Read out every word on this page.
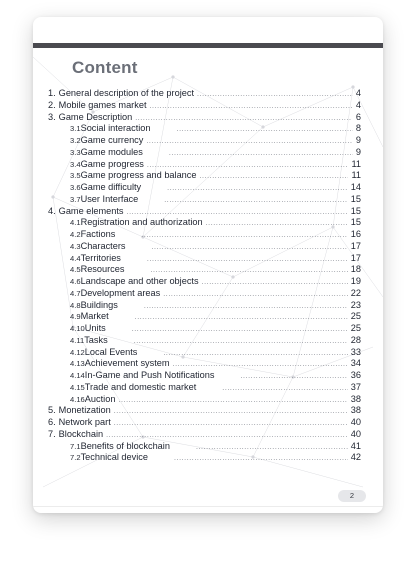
Content
1. General description of the project .....	4
2. Mobile games market .....	4
3. Game Description .....	6
3.1 Social interaction .....	8
3.2 Game currency .....	9
3.3 Game modules .....	9
3.4 Game progress .....	11
3.5 Game progress and balance .....	11
3.6 Game difficulty .....	14
3.7 User Interface .....	15
4. Game elements .....	15
4.1 Registration and authorization .....	15
4.2 Factions .....	16
4.3 Characters .....	17
4.4 Territories .....	17
4.5 Resources .....	18
4.6 Landscape and other objects .....	19
4.7 Development areas .....	22
4.8 Buildings .....	23
4.9 Market .....	25
4.10 Units .....	25
4.11 Tasks .....	28
4.12 Local Events .....	33
4.13 Achievement system .....	34
4.14 In-Game and Push Notifications .....	36
4.15 Trade and domestic market .....	37
4.16 Auction .....	38
5. Monetization .....	38
6. Network part .....	40
7. Blockchain .....	40
7.1 Benefits of blockchain .....	41
7.2 Technical device .....	42
2
